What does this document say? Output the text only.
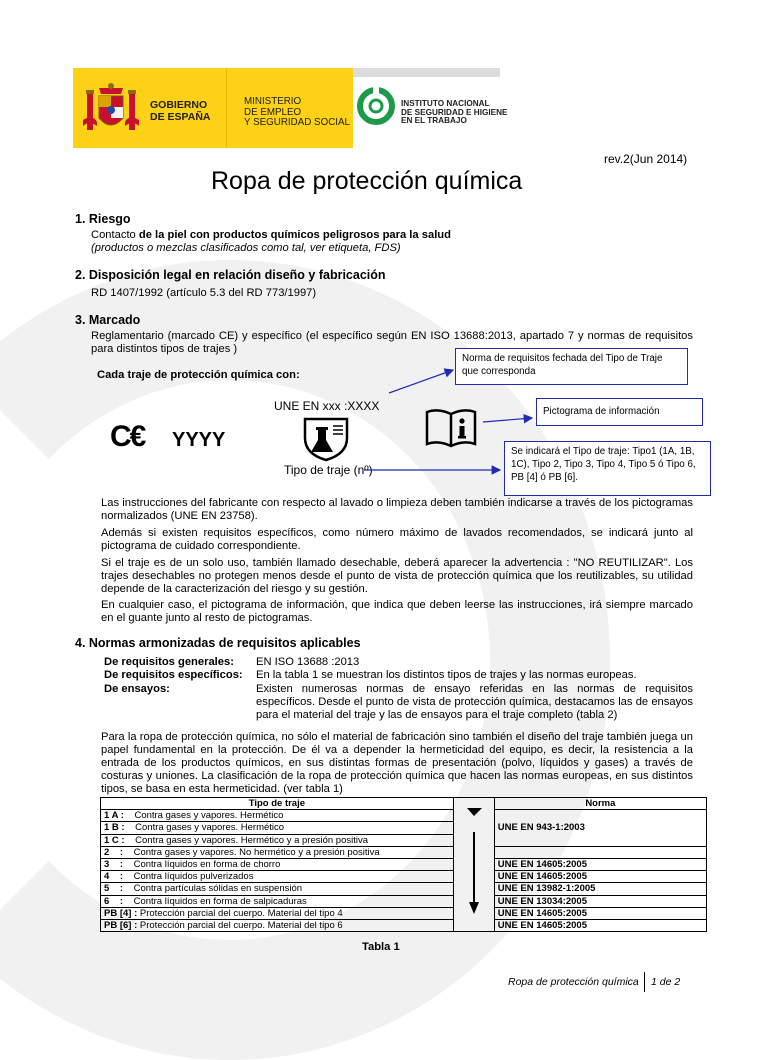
GOBIERNO
DE ESPAÑA
MINISTERIO
DE EMPLEO
Y SEGURIDAD SOCIAL
INSTITUTO NACIONAL
DE SEGURIDAD E HIGIENE
EN EL TRABAJO
rev.2(Jun 2014)
Ropa de protección química
1. Riesgo
Contacto de la piel con productos químicos peligrosos para la salud
(productos o mezclas clasificados como tal, ver etiqueta, FDS)
2. Disposición legal en relación diseño y fabricación
RD 1407/1992 (artículo 5.3 del RD 773/1997)
3. Marcado
Reglamentario (marcado CE) y específico (el específico según EN ISO 13688:2013, apartado 7 y normas de requisitos para distintos tipos de trajes )
Cada traje de protección química con:
Norma de requisitos fechada del Tipo de Traje que corresponda
Pictograma de información
Se indicará el Tipo de traje: Tipo1 (1A, 1B, 1C), Tipo 2, Tipo 3, Tipo 4, Tipo 5 ó Tipo 6, PB [4] ó PB [6].
UNE EN xxx :XXXX
C€ YYYY
Tipo de traje (nº)
Las instrucciones del fabricante con respecto al lavado o limpieza deben también indicarse a través de los pictogramas normalizados (UNE EN 23758).
Además si existen requisitos específicos, como número máximo de lavados recomendados, se indicará junto al pictograma de cuidado correspondiente.
Si el traje es de un solo uso, también llamado desechable, deberá aparecer la advertencia : "NO REUTILIZAR". Los trajes desechables no protegen menos desde el punto de vista de protección química que los reutilizables, su utilidad depende de la caracterización del riesgo y su gestión.
En cualquier caso, el pictograma de información, que indica que deben leerse las instrucciones, irá siempre marcado en el guante junto al resto de pictogramas.
4. Normas armonizadas de requisitos aplicables
De requisitos generales: EN ISO 13688 :2013
De requisitos específicos: En la tabla 1 se muestran los distintos tipos de trajes y las normas europeas.
De ensayos:	Existen numerosas normas de ensayo referidas en las normas de requisitos específicos. Desde el punto de vista de protección química, destacamos las de ensayos para el material del traje y las de ensayos para el traje completo (tabla 2)
Para la ropa de protección química, no sólo el material de fabricación sino también el diseño del traje también juega un papel fundamental en la protección. De él va a depender la hermeticidad del equipo, es decir, la resistencia a la entrada de los productos químicos, en sus distintas formas de presentación (polvo, líquidos y gases) a través de costuras y uniones. La clasificación de la ropa de protección química que hacen las normas europeas, en sus distintos tipos, se basa en esta hermeticidad. (ver tabla 1)
Tipo de traje		Norma
1 A : Contra gases y vapores. Hermético		UNE EN 943-1:2003
1 B : Contra gases y vapores. Hermético		
1 C : Contra gases y vapores. Hermético y a presión positiva		
2    : Contra gases y vapores. No hermético y a presión positiva		
3    : Contra líquidos en forma de chorro		UNE EN 14605:2005
4    : Contra líquidos pulverizados		UNE EN 14605:2005
5    : Contra partículas sólidas en suspensión		UNE EN 13982-1:2005
6    : Contra líquidos en forma de salpicaduras		UNE EN 13034:2005
PB [4] : Protección parcial del cuerpo. Material del tipo 4		UNE EN 14605:2005
PB [6] : Protección parcial del cuerpo. Material del tipo 6		UNE EN 14605:2005
Tabla 1
Ropa de protección química 1 de 2
